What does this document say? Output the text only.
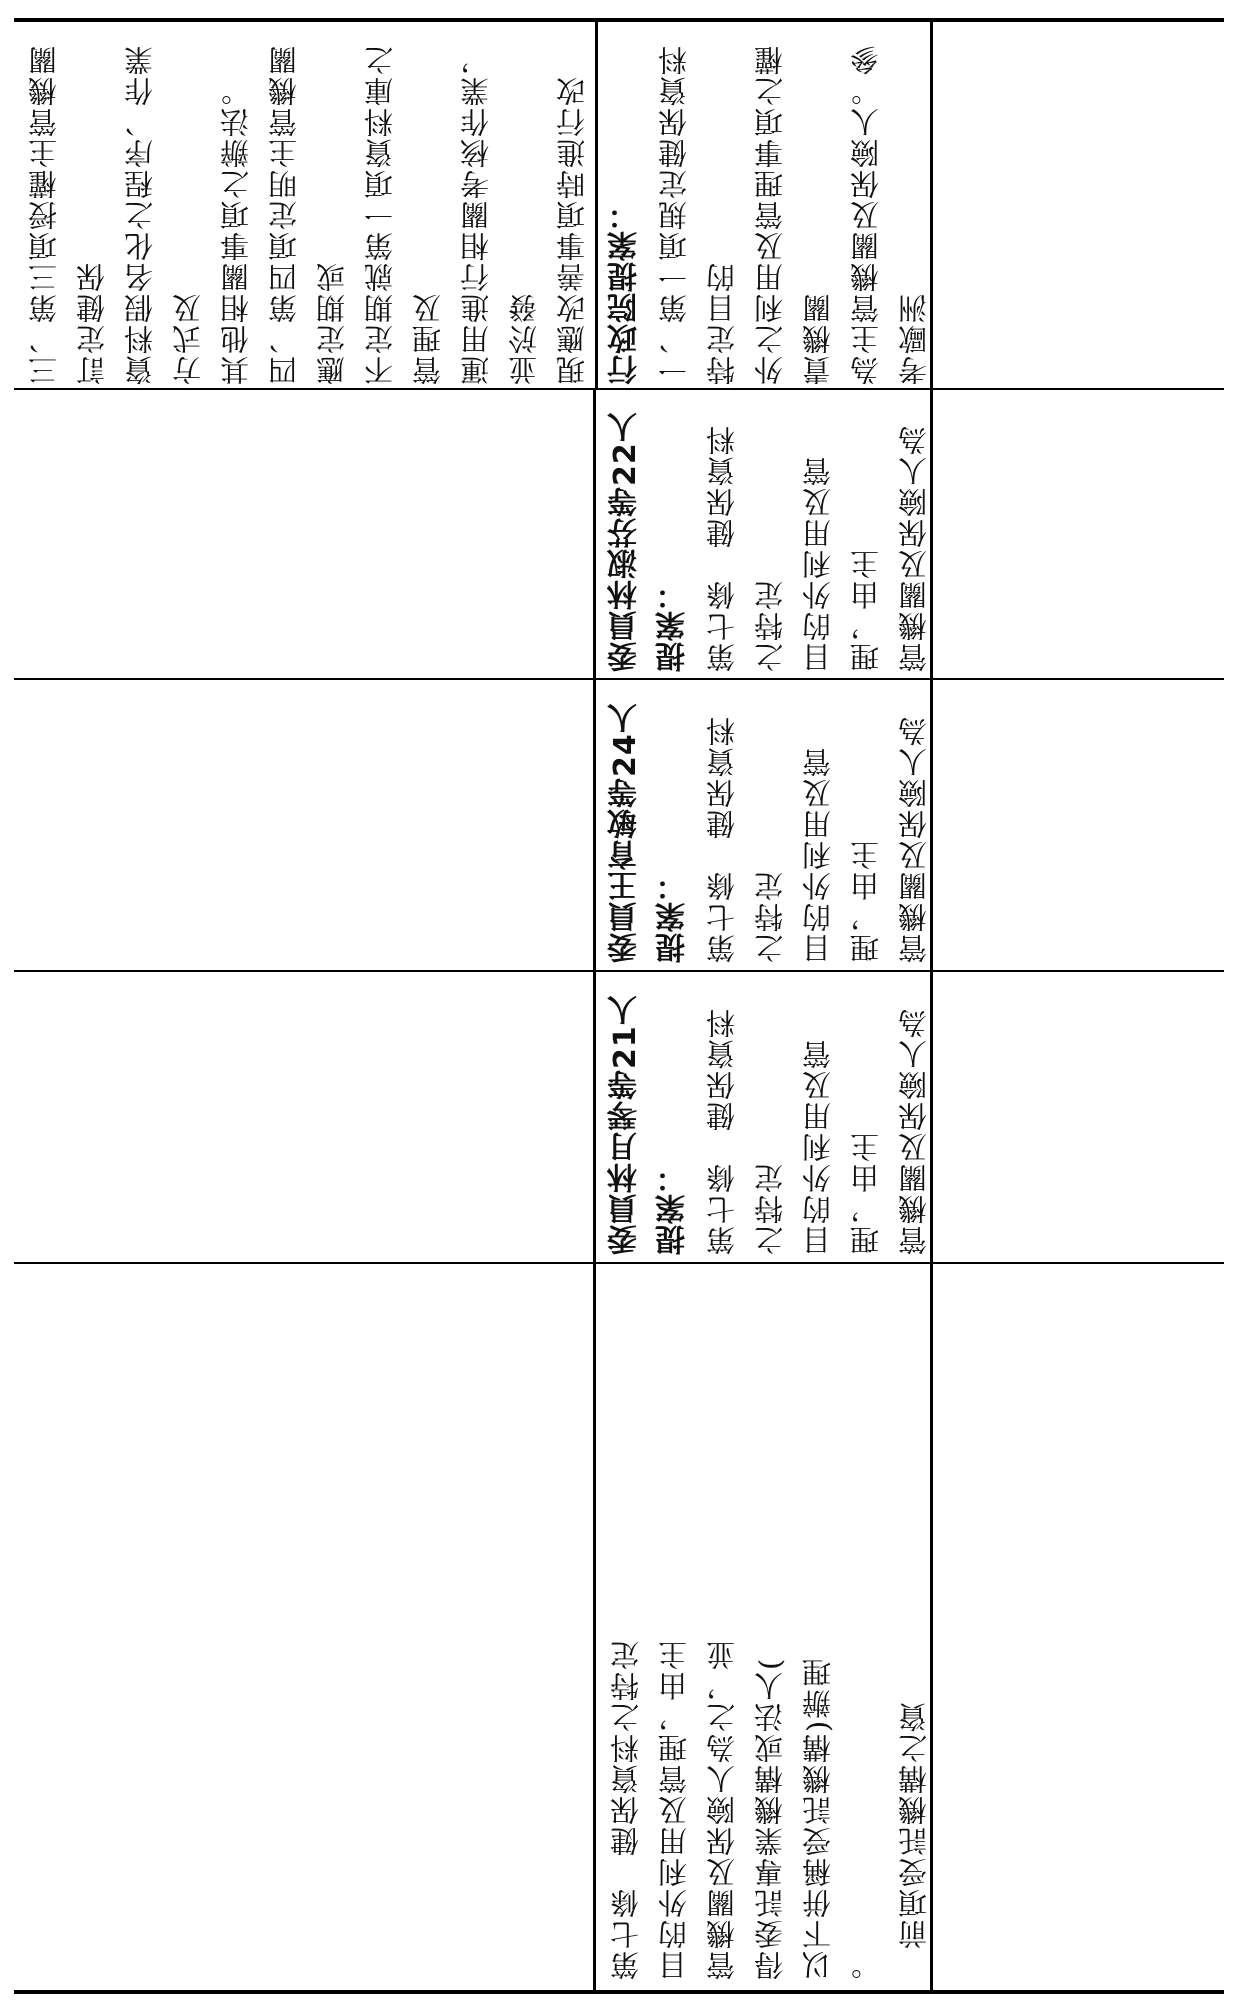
第七條　健保資料之特定 目的外利用及管理，由主 管機關及保險人為之，並 得委託專業機構或法人( 以下併稱受託機構)辦理 。 　前項受託機構之資
委員林月琴等21人提案： 第七條　健保資料之特定 目的外利用及管理，由主 管機關及保險人為
委員王育敏等24人提案： 第七條　健保資料之特定 目的外利用及管理，由主 管機關及保險人為
委員林淑芬等22人提案： 第七條　健保資料之特定 目的外利用及管理，由主 管機關及保險人為
行政院提案： 一、第一項規定健保資料特定目的 外之利用及管理事項之權責機關 為主管機關及保險人。參考歐洲
三、第三項授權主管機關訂定健保 資料假名化之程序、作業方式及 其他相關事項之辦法。 四、第四項定明主管機關應定期或 不定期就第一項資料庫之管理及 運用進行相關考核作業，並於發 現應改善事項時進行改
